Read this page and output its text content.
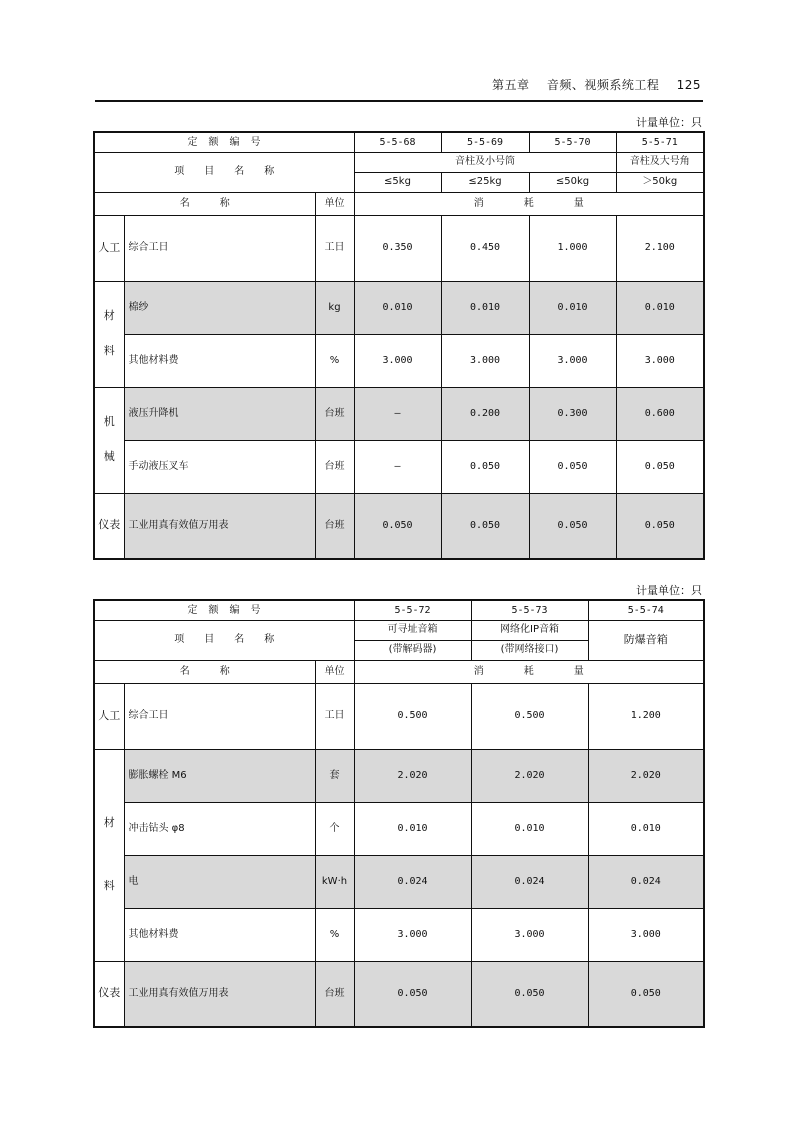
第五章 音频、视频系统工程 125
计量单位：只
定　额　编　号			5-5-68	5-5-69	5-5-70	5-5-71
项　　目　　名　　称			音柱及小号筒			音柱及大号角
			≤5kg	≤25kg	≤50kg	＞50kg
名　　　称		单位	消　　　　耗　　　　量			
人工	综合工日	工日	0.350	0.450	1.000	2.100

材
料	棉纱	kg	0.010	0.010	0.010	0.010
	其他材料费	%	3.000	3.000	3.000	3.000

机
械	液压升降机	台班	—	0.200	0.300	0.600
	手动液压叉车	台班	—	0.050	0.050	0.050
仪表	工业用真有效值万用表	台班	0.050	0.050	0.050	0.050
计量单位：只
定　额　编　号			5-5-72	5-5-73	5-5-74
项　　目　　名　　称			可寻址音箱	网络化IP音箱	防爆音箱
			(带解码器)	(带网络接口)	
名　　　称		单位	消　　　　耗　　　　量		
人工	综合工日	工日	0.500	0.500	1.200

材
料	膨胀螺栓 M6	套	2.020	2.020	2.020
	冲击钻头 φ8	个	0.010	0.010	0.010
	电	kW·h	0.024	0.024	0.024
	其他材料费	%	3.000	3.000	3.000
仪表	工业用真有效值万用表	台班	0.050	0.050	0.050
